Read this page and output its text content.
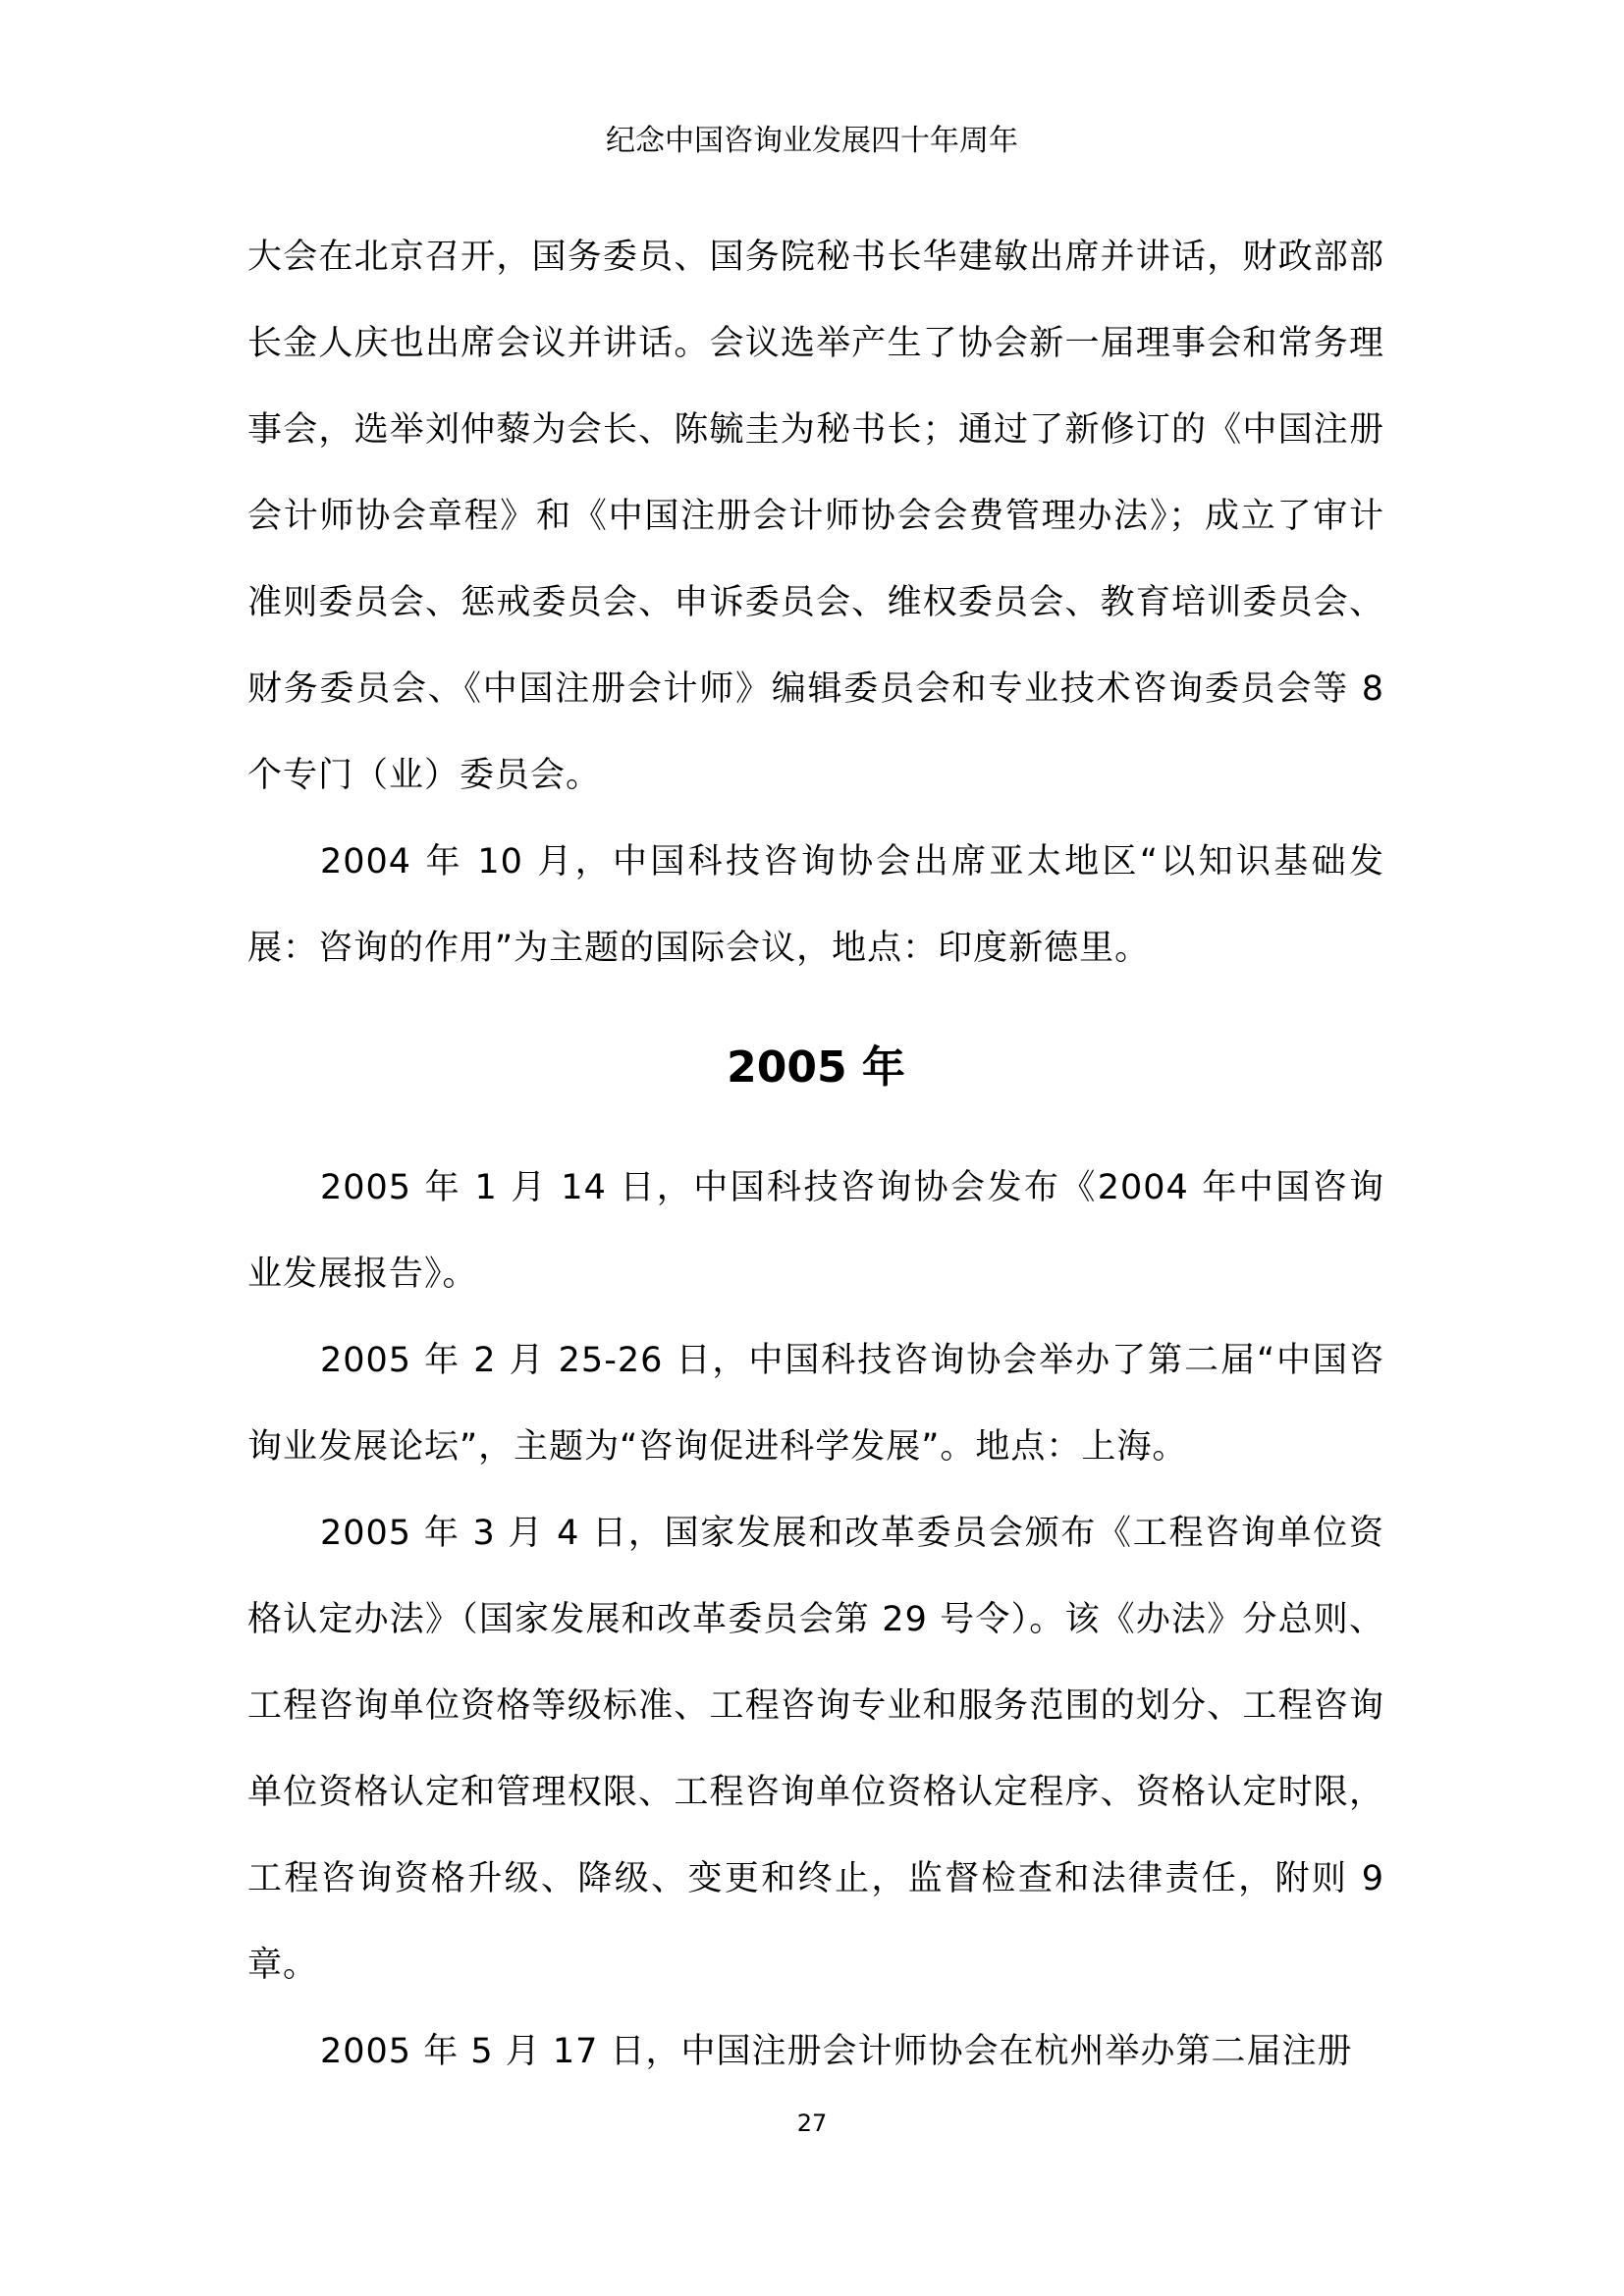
纪念中国咨询业发展四十年周年

大会在北京召开，国务委员、国务院秘书长华建敏出席并讲话，财政部部长金人庆也出席会议并讲话。会议选举产生了协会新一届理事会和常务理事会，选举刘仲藜为会长、陈毓圭为秘书长；通过了新修订的《中国注册会计师协会章程》和《中国注册会计师协会会费管理办法》；成立了审计准则委员会、惩戒委员会、申诉委员会、维权委员会、教育培训委员会、财务委员会、《中国注册会计师》编辑委员会和专业技术咨询委员会等 8 个专门（业）委员会。

2004 年 10 月，中国科技咨询协会出席亚太地区“以知识基础发展：咨询的作用”为主题的国际会议，地点：印度新德里。

2005 年

2005 年 1 月 14 日，中国科技咨询协会发布《2004 年中国咨询业发展报告》。

2005 年 2 月 25-26 日，中国科技咨询协会举办了第二届“中国咨询业发展论坛”，主题为“咨询促进科学发展”。地点：上海。

2005 年 3 月 4 日，国家发展和改革委员会颁布《工程咨询单位资格认定办法》（国家发展和改革委员会第 29 号令）。该《办法》分总则、工程咨询单位资格等级标准、工程咨询专业和服务范围的划分、工程咨询单位资格认定和管理权限、工程咨询单位资格认定程序、资格认定时限，工程咨询资格升级、降级、变更和终止，监督检查和法律责任，附则 9 章。

2005 年 5 月 17 日，中国注册会计师协会在杭州举办第二届注册

27
